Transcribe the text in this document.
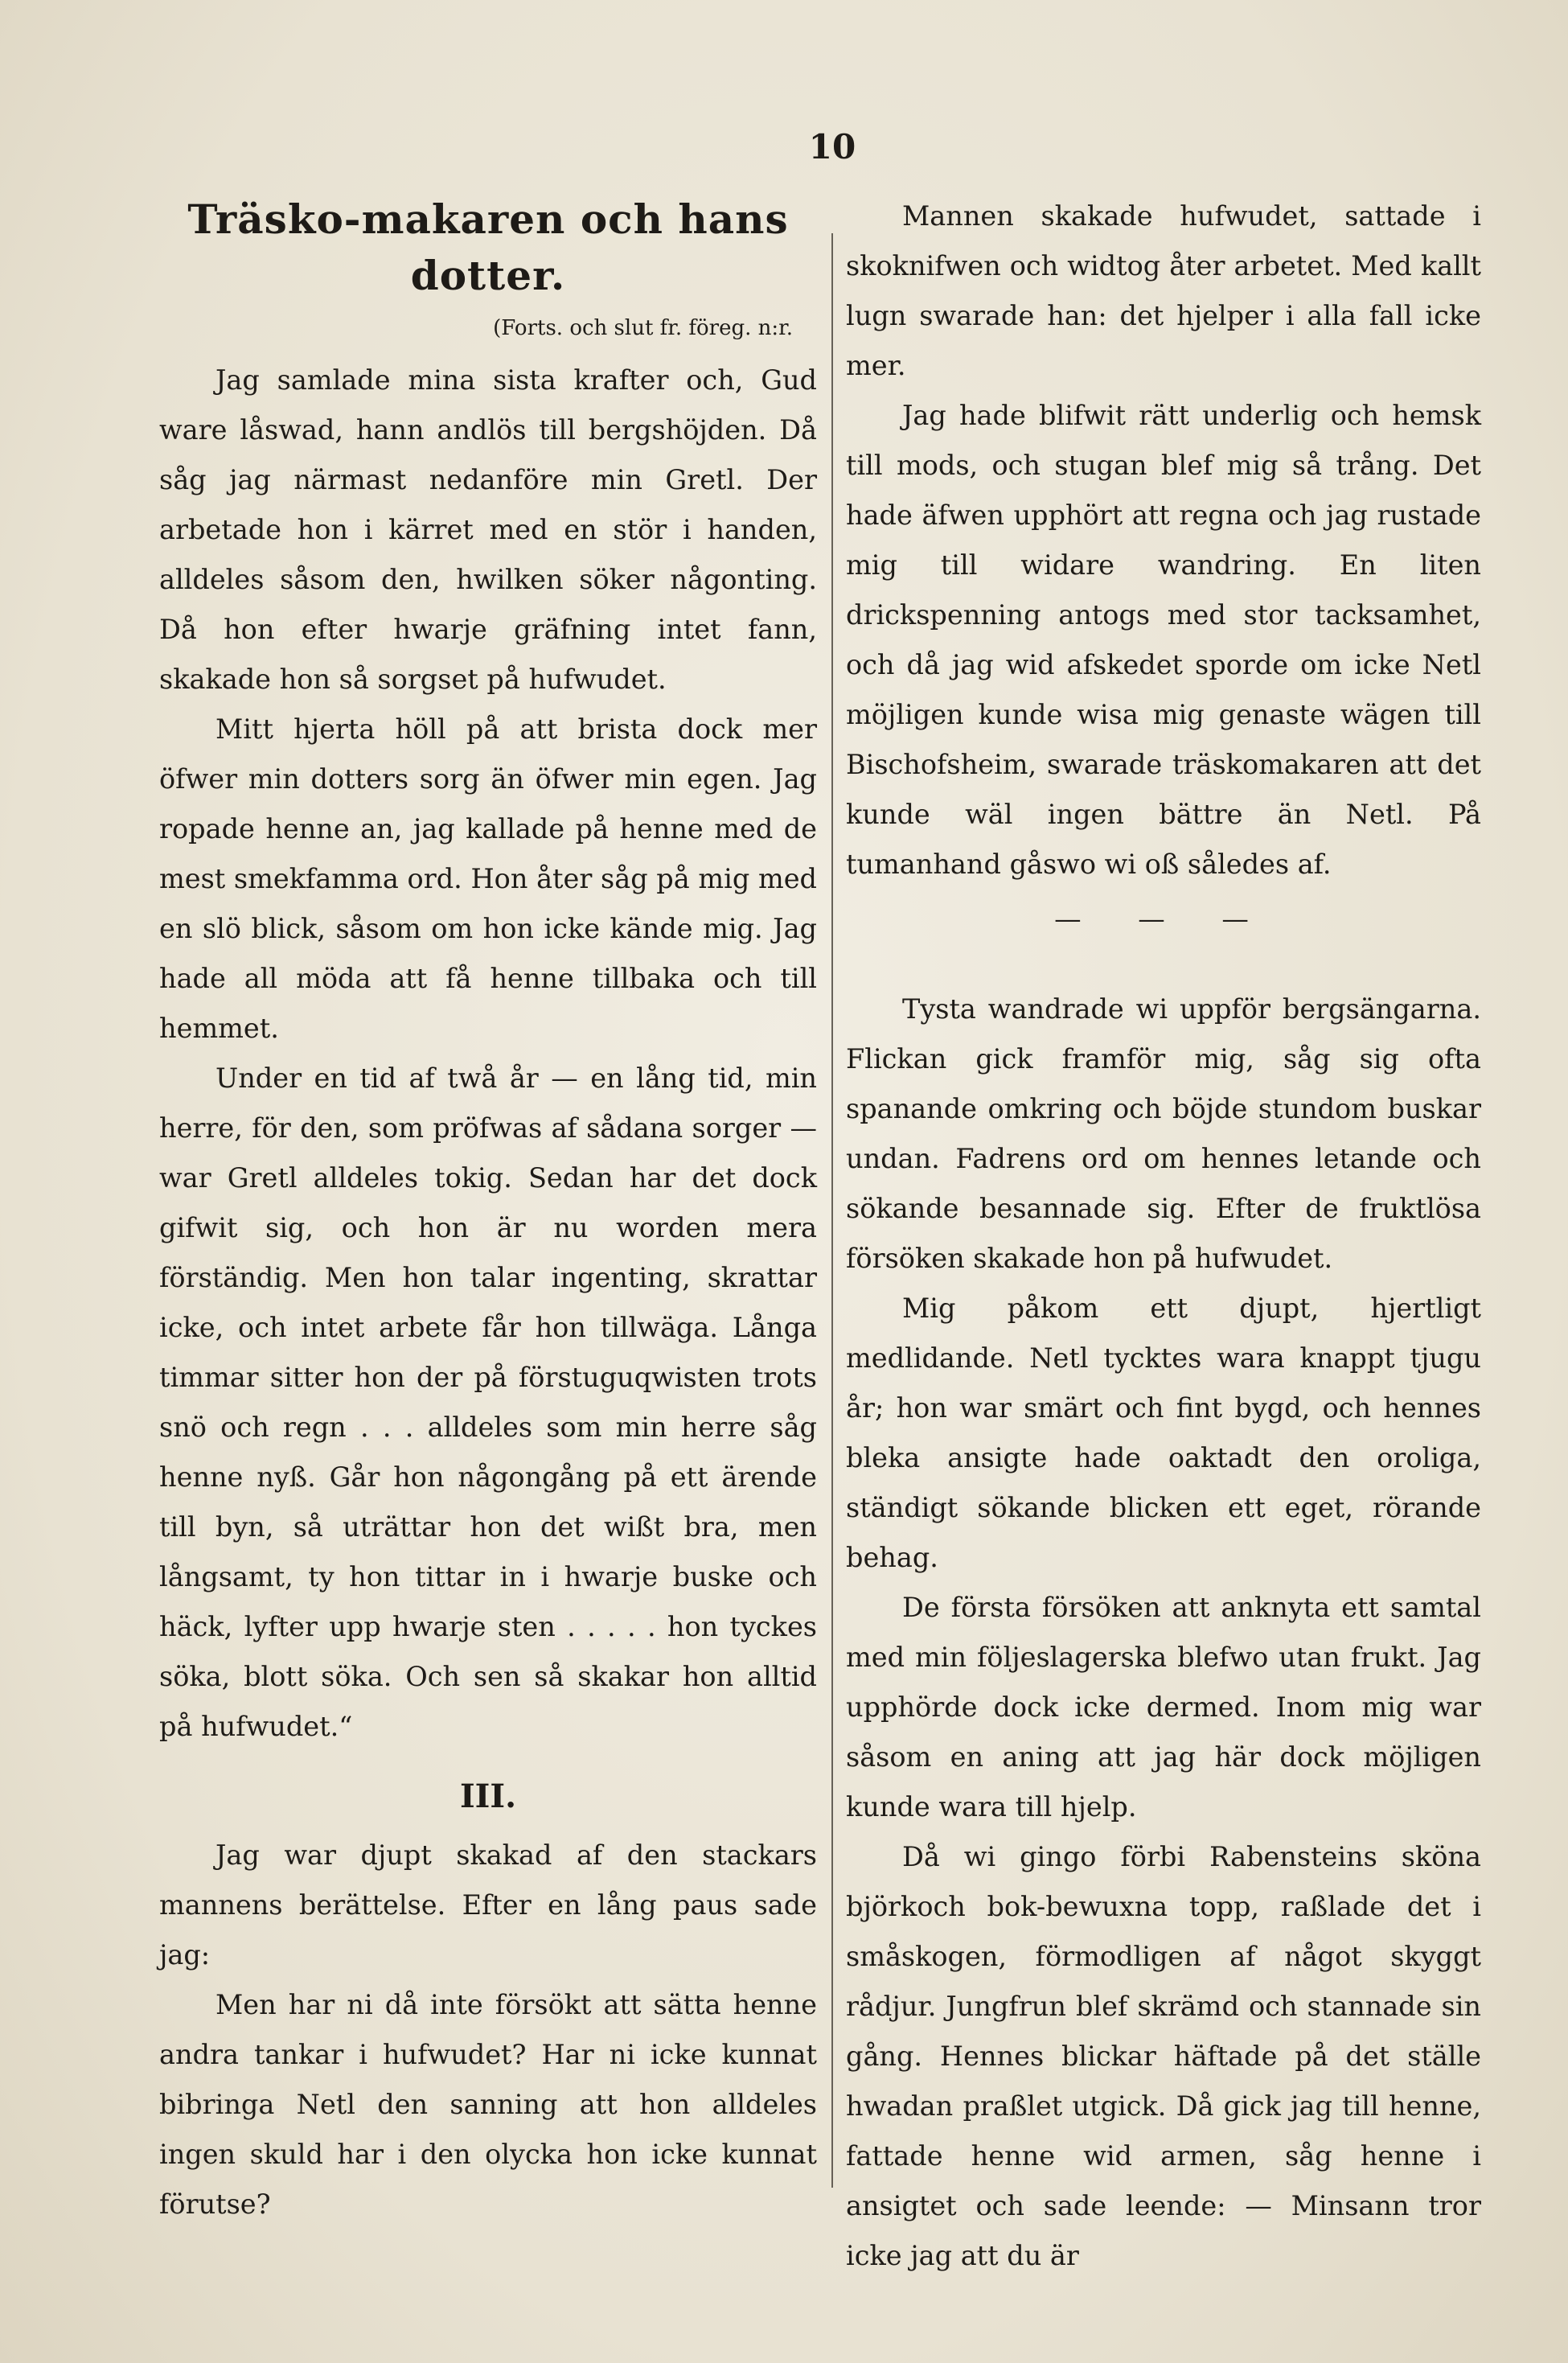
10
Träsko-makaren och hans dotter.
(Forts. och slut fr. föreg. n:r.

Jag samlade mina sista krafter och, Gud ware låswad, hann andlös till bergshöjden. Då såg jag närmast nedanföre min Gretl. Der arbetade hon i kärret med en stör i handen, alldeles såsom den, hwilken söker någonting. Då hon efter hwarje gräfning intet fann, skakade hon så sorgset på hufwudet.

Mitt hjerta höll på att brista dock mer öfwer min dotters sorg än öfwer min egen. Jag ropade henne an, jag kallade på henne med de mest smekfamma ord. Hon åter såg på mig med en slö blick, såsom om hon icke kände mig. Jag hade all möda att få henne tillbaka och till hemmet.

Under en tid af twå år — en lång tid, min herre, för den, som pröfwas af sådana sorger — war Gretl alldeles tokig. Sedan har det dock gifwit sig, och hon är nu worden mera förständig. Men hon talar ingenting, skrattar icke, och intet arbete får hon tillwäga. Långa timmar sitter hon der på förstuguqwisten trots snö och regn . . . alldeles som min herre såg henne nyß. Går hon någongång på ett ärende till byn, så uträttar hon det wißt bra, men långsamt, ty hon tittar in i hwarje buske och häck, lyfter upp hwarje sten . . . . . hon tyckes söka, blott söka. Och sen så skakar hon alltid på hufwudet.“

III.

Jag war djupt skakad af den stackars mannens berättelse. Efter en lång paus sade jag:

Men har ni då inte försökt att sätta henne andra tankar i hufwudet? Har ni icke kunnat bibringa Netl den sanning att hon alldeles ingen skuld har i den olycka hon icke kunnat förutse?

Mannen skakade hufwudet, sattade i skoknifwen och widtog åter arbetet. Med kallt lugn swarade han: det hjelper i alla fall icke mer.

Jag hade blifwit rätt underlig och hemsk till mods, och stugan blef mig så trång. Det hade äfwen upphört att regna och jag rustade mig till widare wandring. En liten drickspenning antogs med stor tacksamhet, och då jag wid afskedet sporde om icke Netl möjligen kunde wisa mig genaste wägen till Bischofsheim, swarade träskomakaren att det kunde wäl ingen bättre än Netl. På tumanhand gåswo wi oß således af.

— — —

Tysta wandrade wi uppför bergsängarna. Flickan gick framför mig, såg sig ofta spanande omkring och böjde stundom buskar undan. Fadrens ord om hennes letande och sökande besannade sig. Efter de fruktlösa försöken skakade hon på hufwudet.

Mig påkom ett djupt, hjertligt medlidande. Netl tycktes wara knappt tjugu år; hon war smärt och fint bygd, och hennes bleka ansigte hade oaktadt den oroliga, ständigt sökande blicken ett eget, rörande behag.

De första försöken att anknyta ett samtal med min följeslagerska blefwo utan frukt. Jag upphörde dock icke dermed. Inom mig war såsom en aning att jag här dock möjligen kunde wara till hjelp.

Då wi gingo förbi Rabensteins sköna björkoch bok-bewuxna topp, raßlade det i småskogen, förmodligen af något skyggt rådjur. Jungfrun blef skrämd och stannade sin gång. Hennes blickar häftade på det ställe hwadan praßlet utgick. Då gick jag till henne, fattade henne wid armen, såg henne i ansigtet och sade leende: — Minsann tror icke jag att du är
